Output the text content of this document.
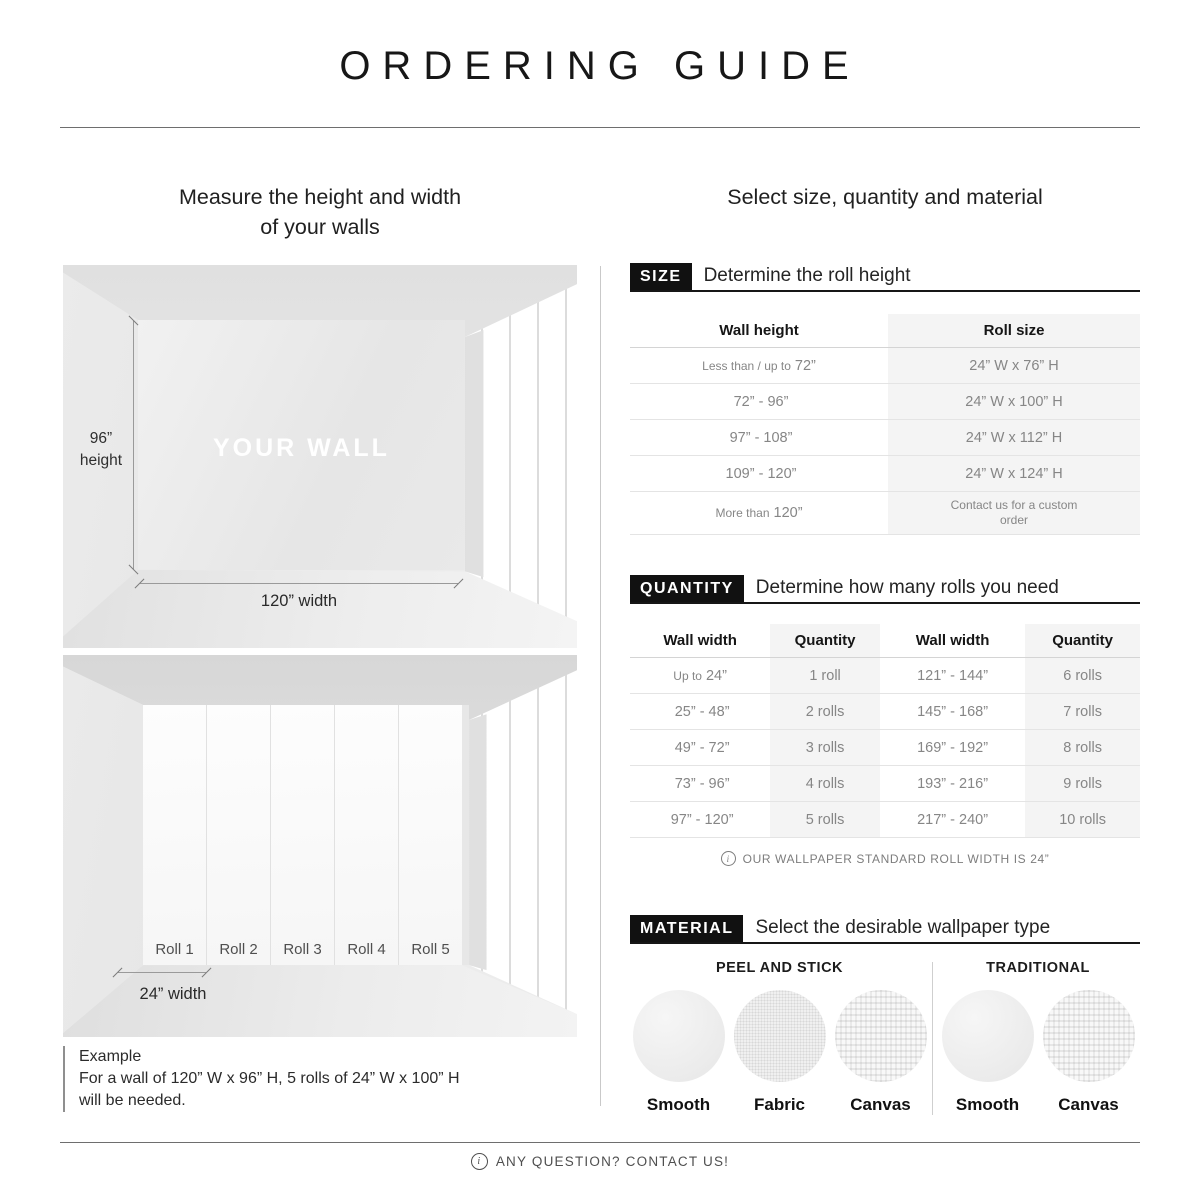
ORDERING GUIDE
Measure the height and width
of your walls
Select size, quantity and material
YOUR WALL
96”
height
120” width
Roll 1	Roll 2	Roll 3	Roll 4	Roll 5
24” width
Example
For a wall of 120” W x 96” H, 5 rolls of 24” W x 100” H
will be needed.
SIZE	Determine the roll height
Wall height	Roll size
Less than / up to 72”	24” W x 76” H
72” - 96”	24” W x 100” H
97” - 108”	24” W x 112” H
109” - 120”	24” W x 124” H
More than 120”	Contact us for a custom order
QUANTITY	Determine how many rolls you need
Wall width	Quantity	Wall width	Quantity
Up to 24”	1 roll	121” - 144”	6 rolls
25” - 48”	2 rolls	145” - 168”	7 rolls
49” - 72”	3 rolls	169” - 192”	8 rolls
73” - 96”	4 rolls	193” - 216”	9 rolls
97” - 120”	5 rolls	217” - 240”	10 rolls
i OUR WALLPAPER STANDARD ROLL WIDTH IS 24”
MATERIAL	Select the desirable wallpaper type
PEEL AND STICK
Smooth	Fabric	Canvas
TRADITIONAL
Smooth Canvas
i ANY QUESTION? CONTACT US!
